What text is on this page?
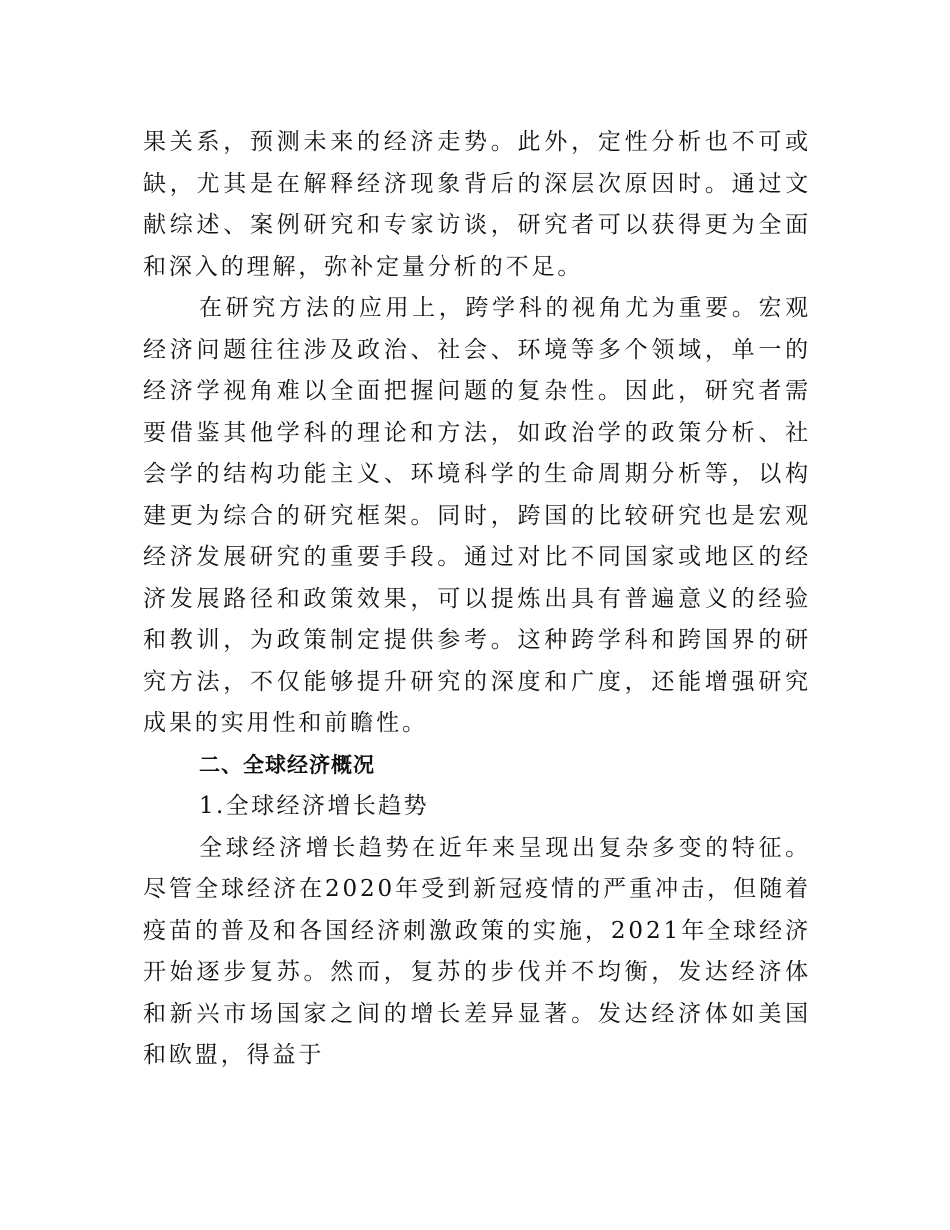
果关系，预测未来的经济走势。此外，定性分析也不可或缺，尤其是在解释经济现象背后的深层次原因时。通过文献综述、案例研究和专家访谈，研究者可以获得更为全面和深入的理解，弥补定量分析的不足。

在研究方法的应用上，跨学科的视角尤为重要。宏观经济问题往往涉及政治、社会、环境等多个领域，单一的经济学视角难以全面把握问题的复杂性。因此，研究者需要借鉴其他学科的理论和方法，如政治学的政策分析、社会学的结构功能主义、环境科学的生命周期分析等，以构建更为综合的研究框架。同时，跨国的比较研究也是宏观经济发展研究的重要手段。通过对比不同国家或地区的经济发展路径和政策效果，可以提炼出具有普遍意义的经验和教训，为政策制定提供参考。这种跨学科和跨国界的研究方法，不仅能够提升研究的深度和广度，还能增强研究成果的实用性和前瞻性。

二、全球经济概况

1.全球经济增长趋势

全球经济增长趋势在近年来呈现出复杂多变的特征。尽管全球经济在2020年受到新冠疫情的严重冲击，但随着疫苗的普及和各国经济刺激政策的实施，2021年全球经济开始逐步复苏。然而，复苏的步伐并不均衡，发达经济体和新兴市场国家之间的增长差异显著。发达经济体如美国和欧盟，得益于
